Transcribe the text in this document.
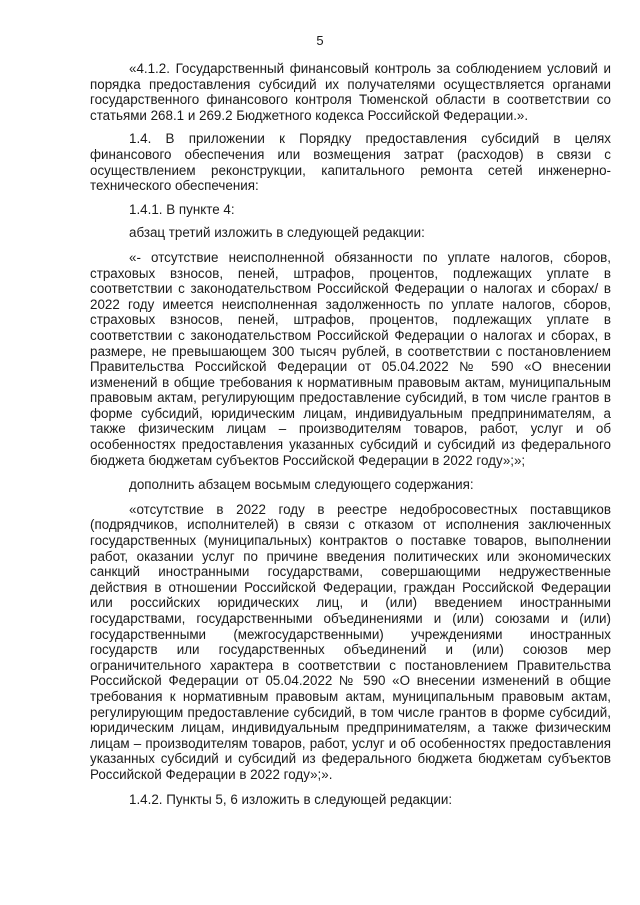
5

«4.1.2. Государственный финансовый контроль за соблюдением условий и порядка предоставления субсидий их получателями осуществляется органами государственного финансового контроля Тюменской области в соответствии со статьями 268.1 и 269.2 Бюджетного кодекса Российской Федерации.».

1.4. В приложении к Порядку предоставления субсидий в целях финансового обеспечения или возмещения затрат (расходов) в связи с осуществлением реконструкции, капитального ремонта сетей инженерно-технического обеспечения:

1.4.1. В пункте 4:

абзац третий изложить в следующей редакции:

«- отсутствие неисполненной обязанности по уплате налогов, сборов, страховых взносов, пеней, штрафов, процентов, подлежащих уплате в соответствии с законодательством Российской Федерации о налогах и сборах/ в 2022 году имеется неисполненная задолженность по уплате налогов, сборов, страховых взносов, пеней, штрафов, процентов, подлежащих уплате в соответствии с законодательством Российской Федерации о налогах и сборах, в размере, не превышающем 300 тысяч рублей, в соответствии с постановлением Правительства Российской Федерации от 05.04.2022 № 590 «О внесении изменений в общие требования к нормативным правовым актам, муниципальным правовым актам, регулирующим предоставление субсидий, в том числе грантов в форме субсидий, юридическим лицам, индивидуальным предпринимателям, а также физическим лицам – производителям товаров, работ, услуг и об особенностях предоставления указанных субсидий и субсидий из федерального бюджета бюджетам субъектов Российской Федерации в 2022 году»;»;

дополнить абзацем восьмым следующего содержания:

«отсутствие в 2022 году в реестре недобросовестных поставщиков (подрядчиков, исполнителей) в связи с отказом от исполнения заключенных государственных (муниципальных) контрактов о поставке товаров, выполнении работ, оказании услуг по причине введения политических или экономических санкций иностранными государствами, совершающими недружественные действия в отношении Российской Федерации, граждан Российской Федерации или российских юридических лиц, и (или) введением иностранными государствами, государственными объединениями и (или) союзами и (или) государственными (межгосударственными) учреждениями иностранных государств или государственных объединений и (или) союзов мер ограничительного характера в соответствии с постановлением Правительства Российской Федерации от 05.04.2022 № 590 «О внесении изменений в общие требования к нормативным правовым актам, муниципальным правовым актам, регулирующим предоставление субсидий, в том числе грантов в форме субсидий, юридическим лицам, индивидуальным предпринимателям, а также физическим лицам – производителям товаров, работ, услуг и об особенностях предоставления указанных субсидий и субсидий из федерального бюджета бюджетам субъектов Российской Федерации в 2022 году»;».

1.4.2. Пункты 5, 6 изложить в следующей редакции:
